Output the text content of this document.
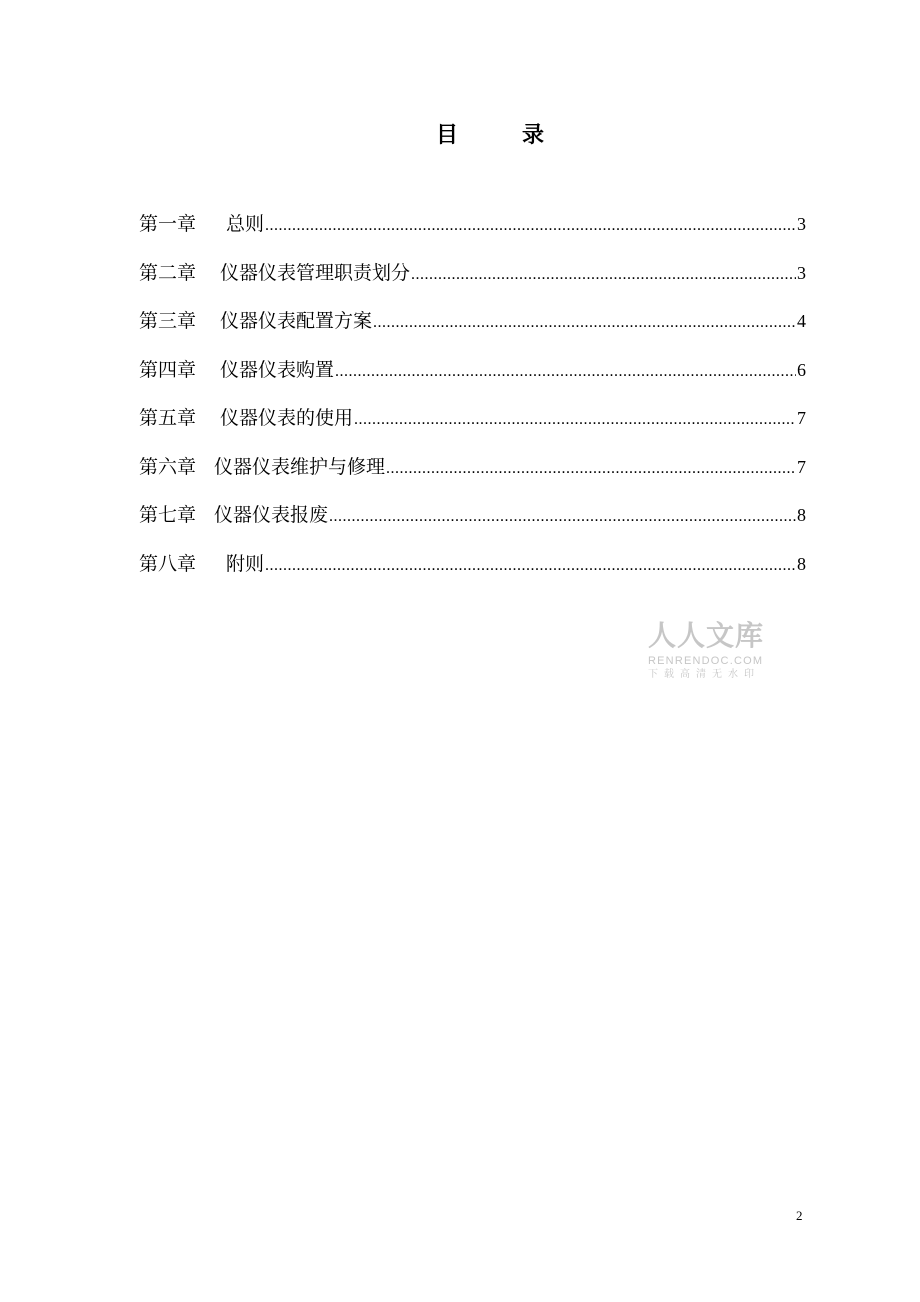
目	录
第一章 总则 .....	3
第二章 仪器仪表管理职责划分 .....	3
第三章 仪器仪表配置方案 .....	4
第四章 仪器仪表购置 .....	6
第五章 仪器仪表的使用 .....	7
第六章 仪器仪表维护与修理 .....	7
第七章 仪器仪表报废 .....	8
第八章 附则 .....	8
人人文库
RENRENDOC.COM
下载高清无水印
2
